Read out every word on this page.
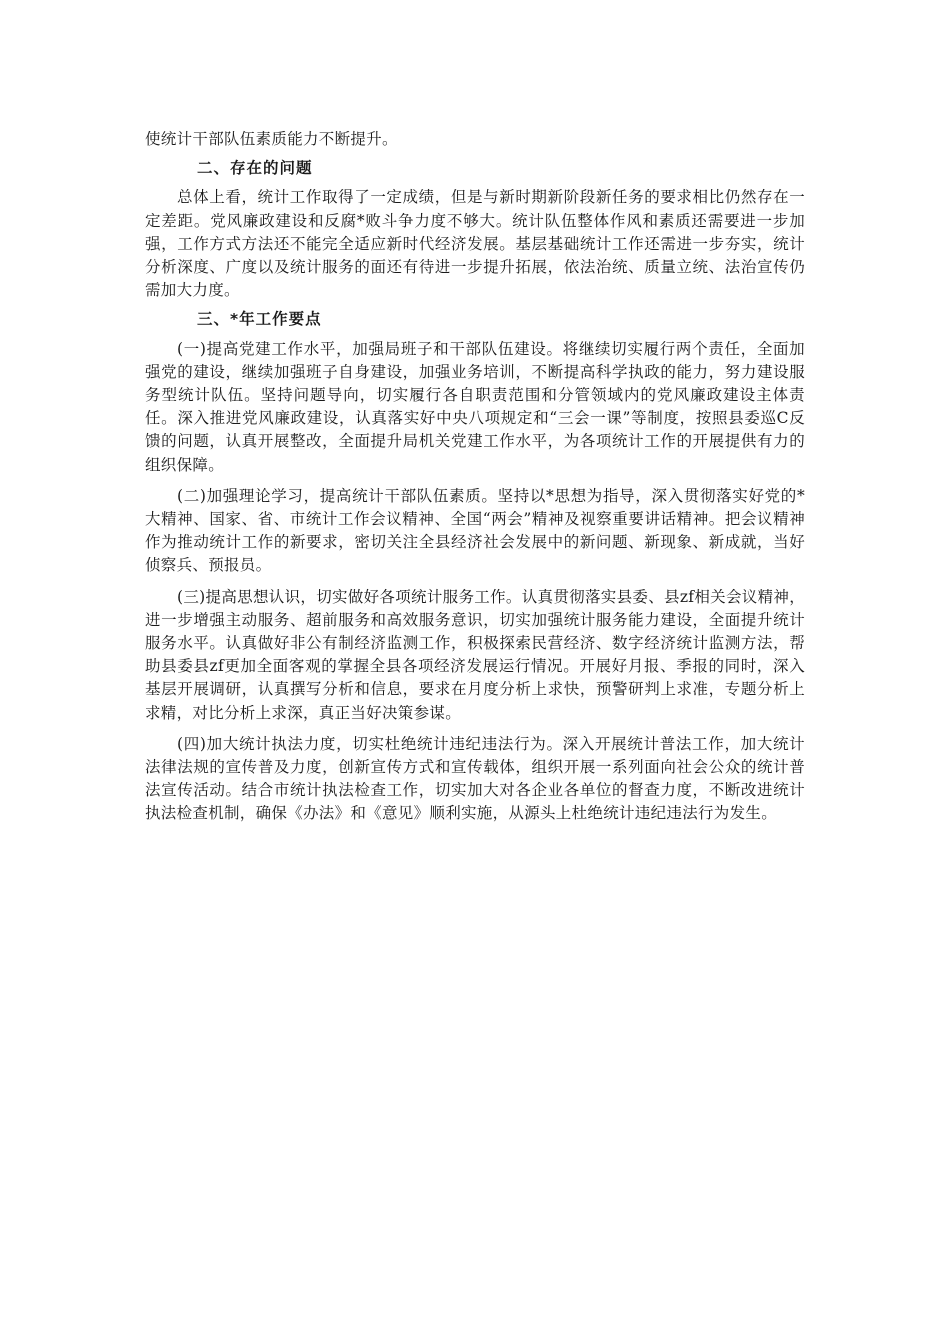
使统计干部队伍素质能力不断提升。

二、存在的问题

总体上看，统计工作取得了一定成绩，但是与新时期新阶段新任务的要求相比仍然存在一定差距。党风廉政建设和反腐*败斗争力度不够大。统计队伍整体作风和素质还需要进一步加强，工作方式方法还不能完全适应新时代经济发展。基层基础统计工作还需进一步夯实，统计分析深度、广度以及统计服务的面还有待进一步提升拓展，依法治统、质量立统、法治宣传仍需加大力度。

三、*年工作要点

(一)提高党建工作水平，加强局班子和干部队伍建设。将继续切实履行两个责任，全面加强党的建设，继续加强班子自身建设，加强业务培训，不断提高科学执政的能力，努力建设服务型统计队伍。坚持问题导向，切实履行各自职责范围和分管领域内的党风廉政建设主体责任。深入推进党风廉政建设，认真落实好中央八项规定和“三会一课”等制度，按照县委巡C反馈的问题，认真开展整改，全面提升局机关党建工作水平，为各项统计工作的开展提供有力的组织保障。

(二)加强理论学习，提高统计干部队伍素质。坚持以*思想为指导，深入贯彻落实好党的*大精神、国家、省、市统计工作会议精神、全国“两会”精神及视察重要讲话精神。把会议精神作为推动统计工作的新要求，密切关注全县经济社会发展中的新问题、新现象、新成就，当好侦察兵、预报员。

(三)提高思想认识，切实做好各项统计服务工作。认真贯彻落实县委、县zf相关会议精神，进一步增强主动服务、超前服务和高效服务意识，切实加强统计服务能力建设，全面提升统计服务水平。认真做好非公有制经济监测工作，积极探索民营经济、数字经济统计监测方法，帮助县委县zf更加全面客观的掌握全县各项经济发展运行情况。开展好月报、季报的同时，深入基层开展调研，认真撰写分析和信息，要求在月度分析上求快，预警研判上求准，专题分析上求精，对比分析上求深，真正当好决策参谋。

(四)加大统计执法力度，切实杜绝统计违纪违法行为。深入开展统计普法工作，加大统计法律法规的宣传普及力度，创新宣传方式和宣传载体，组织开展一系列面向社会公众的统计普法宣传活动。结合市统计执法检查工作，切实加大对各企业各单位的督查力度，不断改进统计执法检查机制，确保《办法》和《意见》顺利实施，从源头上杜绝统计违纪违法行为发生。
